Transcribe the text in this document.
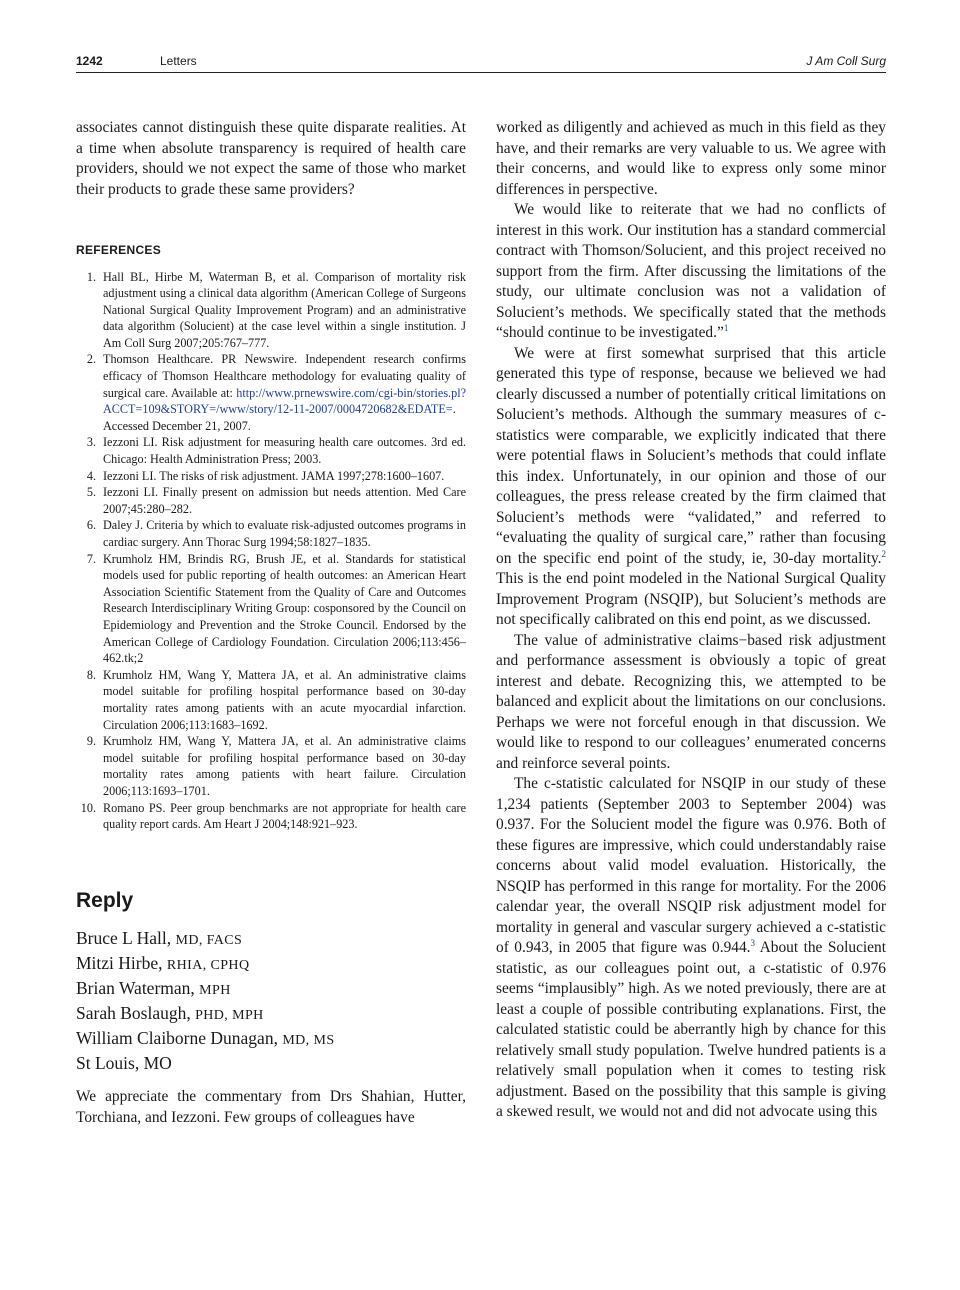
1242	Letters	J Am Coll Surg

associates cannot distinguish these quite disparate realities. At a time when absolute transparency is required of health care providers, should we not expect the same of those who market their products to grade these same providers?

REFERENCES
1. Hall BL, Hirbe M, Waterman B, et al. Comparison of mortality risk adjustment using a clinical data algorithm (American College of Surgeons National Surgical Quality Improvement Program) and an administrative data algorithm (Solucient) at the case level within a single institution. J Am Coll Surg 2007;205:767–777.
2. Thomson Healthcare. PR Newswire. Independent research confirms efficacy of Thomson Healthcare methodology for evaluating quality of surgical care. Available at: http://www.prnewswire.com/cgi-bin/stories.pl?ACCT=109&STORY=/www/story/12-11-2007/0004720682&EDATE=. Accessed December 21, 2007.
3. Iezzoni LI. Risk adjustment for measuring health care outcomes. 3rd ed. Chicago: Health Administration Press; 2003.
4. Iezzoni LI. The risks of risk adjustment. JAMA 1997;278:1600–1607.
5. Iezzoni LI. Finally present on admission but needs attention. Med Care 2007;45:280–282.
6. Daley J. Criteria by which to evaluate risk-adjusted outcomes programs in cardiac surgery. Ann Thorac Surg 1994;58:1827–1835.
7. Krumholz HM, Brindis RG, Brush JE, et al. Standards for statistical models used for public reporting of health outcomes: an American Heart Association Scientific Statement from the Quality of Care and Outcomes Research Interdisciplinary Writing Group: cosponsored by the Council on Epidemiology and Prevention and the Stroke Council. Endorsed by the American College of Cardiology Foundation. Circulation 2006;113:456–462.tk;2
8. Krumholz HM, Wang Y, Mattera JA, et al. An administrative claims model suitable for profiling hospital performance based on 30-day mortality rates among patients with an acute myocardial infarction. Circulation 2006;113:1683–1692.
9. Krumholz HM, Wang Y, Mattera JA, et al. An administrative claims model suitable for profiling hospital performance based on 30-day mortality rates among patients with heart failure. Circulation 2006;113:1693–1701.
10. Romano PS. Peer group benchmarks are not appropriate for health care quality report cards. Am Heart J 2004;148:921–923.
Reply
Bruce L Hall, MD, FACS
Mitzi Hirbe, RHIA, CPHQ
Brian Waterman, MPH
Sarah Boslaugh, PHD, MPH
William Claiborne Dunagan, MD, MS
St Louis, MO

We appreciate the commentary from Drs Shahian, Hutter, Torchiana, and Iezzoni. Few groups of colleagues have

worked as diligently and achieved as much in this field as they have, and their remarks are very valuable to us. We agree with their concerns, and would like to express only some minor differences in perspective.

We would like to reiterate that we had no conflicts of interest in this work. Our institution has a standard commercial contract with Thomson/Solucient, and this project received no support from the firm. After discussing the limitations of the study, our ultimate conclusion was not a validation of Solucient’s methods. We specifically stated that the methods “should continue to be investigated.”$^1$

We were at first somewhat surprised that this article generated this type of response, because we believed we had clearly discussed a number of potentially critical limitations on Solucient’s methods. Although the summary measures of c-statistics were comparable, we explicitly indicated that there were potential flaws in Solucient’s methods that could inflate this index. Unfortunately, in our opinion and those of our colleagues, the press release created by the firm claimed that Solucient’s methods were “validated,” and referred to “evaluating the quality of surgical care,” rather than focusing on the specific end point of the study, ie, 30-day mortality.$^2$ This is the end point modeled in the National Surgical Quality Improvement Program (NSQIP), but Solucient’s methods are not specifically calibrated on this end point, as we discussed.

The value of administrative claims−based risk adjustment and performance assessment is obviously a topic of great interest and debate. Recognizing this, we attempted to be balanced and explicit about the limitations on our conclusions. Perhaps we were not forceful enough in that discussion. We would like to respond to our colleagues’ enumerated concerns and reinforce several points.

The c-statistic calculated for NSQIP in our study of these 1,234 patients (September 2003 to September 2004) was 0.937. For the Solucient model the figure was 0.976. Both of these figures are impressive, which could understandably raise concerns about valid model evaluation. Historically, the NSQIP has performed in this range for mortality. For the 2006 calendar year, the overall NSQIP risk adjustment model for mortality in general and vascular surgery achieved a c-statistic of 0.943, in 2005 that figure was 0.944.$^3$ About the Solucient statistic, as our colleagues point out, a c-statistic of 0.976 seems “implausibly” high. As we noted previously, there are at least a couple of possible contributing explanations. First, the calculated statistic could be aberrantly high by chance for this relatively small study population. Twelve hundred patients is a relatively small population when it comes to testing risk adjustment. Based on the possibility that this sample is giving a skewed result, we would not and did not advocate using this
